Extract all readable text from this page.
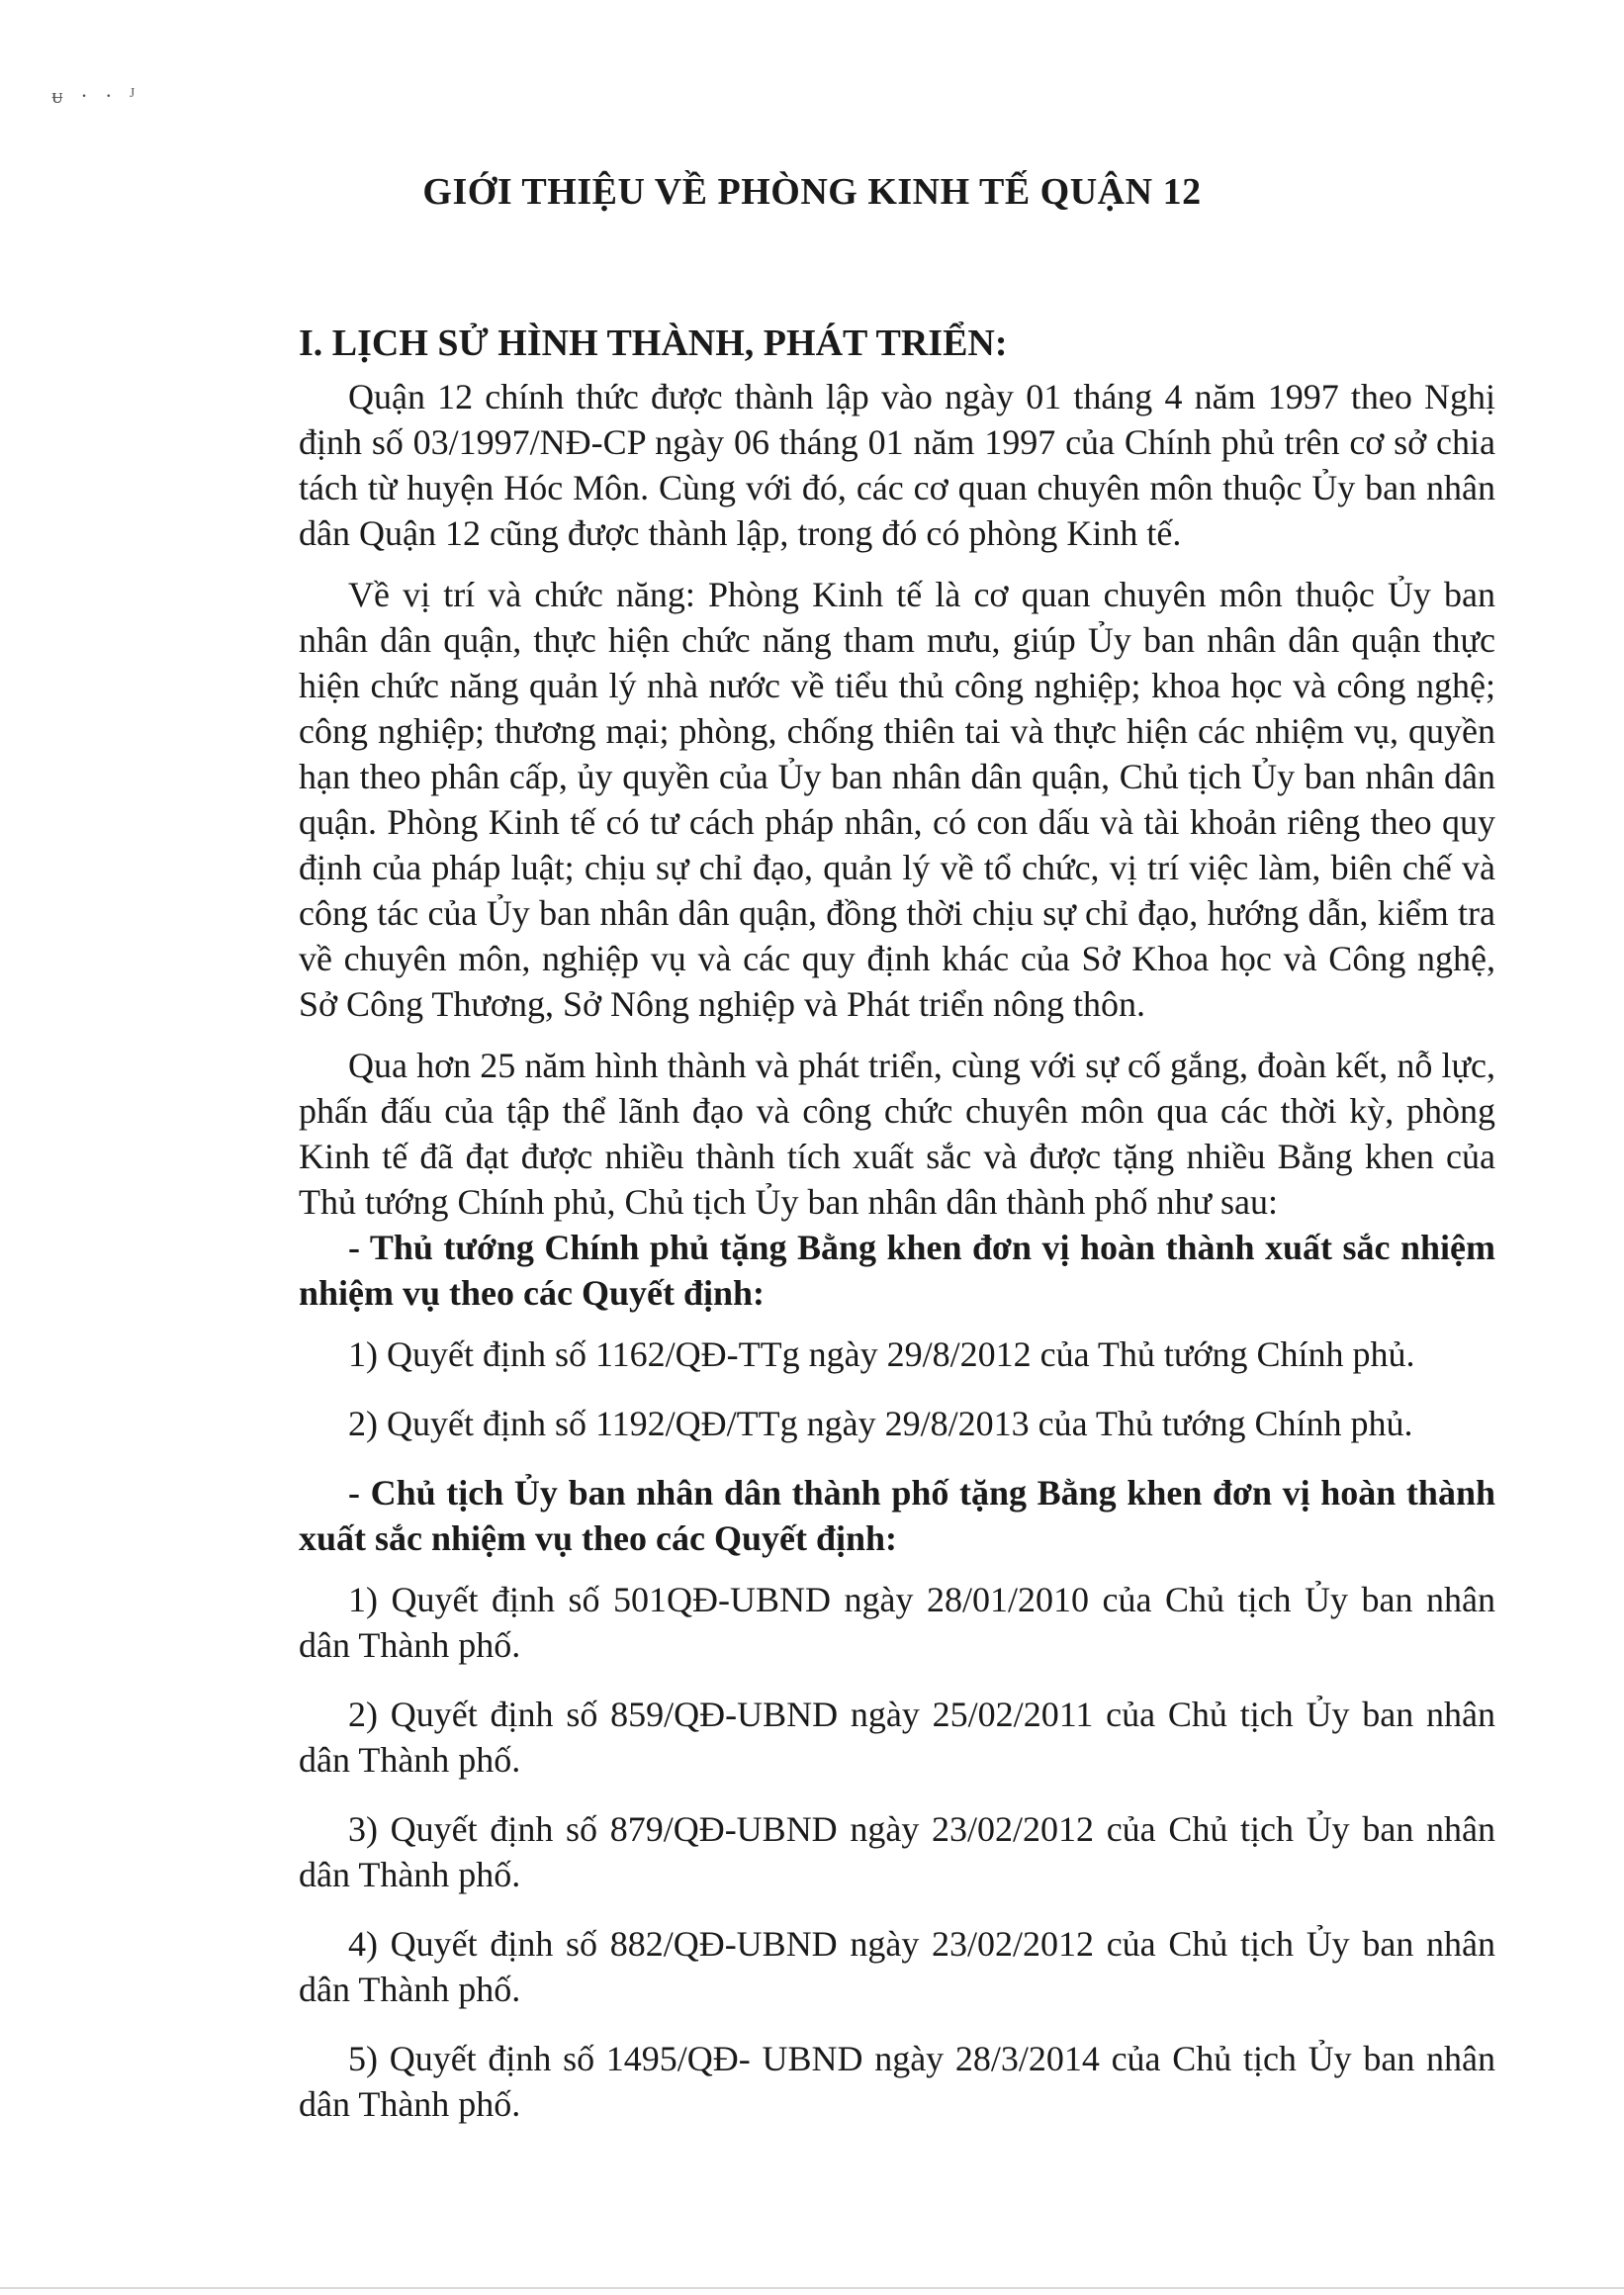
ᵾ · · ᴶ
GIỚI THIỆU VỀ PHÒNG KINH TẾ QUẬN 12
I. LỊCH SỬ HÌNH THÀNH, PHÁT TRIỂN:

Quận 12 chính thức được thành lập vào ngày 01 tháng 4 năm 1997 theo Nghị định số 03/1997/NĐ-CP ngày 06 tháng 01 năm 1997 của Chính phủ trên cơ sở chia tách từ huyện Hóc Môn. Cùng với đó, các cơ quan chuyên môn thuộc Ủy ban nhân dân Quận 12 cũng được thành lập, trong đó có phòng Kinh tế.

Về vị trí và chức năng: Phòng Kinh tế là cơ quan chuyên môn thuộc Ủy ban nhân dân quận, thực hiện chức năng tham mưu, giúp Ủy ban nhân dân quận thực hiện chức năng quản lý nhà nước về tiểu thủ công nghiệp; khoa học và công nghệ; công nghiệp; thương mại; phòng, chống thiên tai và thực hiện các nhiệm vụ, quyền hạn theo phân cấp, ủy quyền của Ủy ban nhân dân quận, Chủ tịch Ủy ban nhân dân quận. Phòng Kinh tế có tư cách pháp nhân, có con dấu và tài khoản riêng theo quy định của pháp luật; chịu sự chỉ đạo, quản lý về tổ chức, vị trí việc làm, biên chế và công tác của Ủy ban nhân dân quận, đồng thời chịu sự chỉ đạo, hướng dẫn, kiểm tra về chuyên môn, nghiệp vụ và các quy định khác của Sở Khoa học và Công nghệ, Sở Công Thương, Sở Nông nghiệp và Phát triển nông thôn.

Qua hơn 25 năm hình thành và phát triển, cùng với sự cố gắng, đoàn kết, nỗ lực, phấn đấu của tập thể lãnh đạo và công chức chuyên môn qua các thời kỳ, phòng Kinh tế đã đạt được nhiều thành tích xuất sắc và được tặng nhiều Bằng khen của Thủ tướng Chính phủ, Chủ tịch Ủy ban nhân dân thành phố như sau:

- Thủ tướng Chính phủ tặng Bằng khen đơn vị hoàn thành xuất sắc nhiệm nhiệm vụ theo các Quyết định:

1) Quyết định số 1162/QĐ-TTg ngày 29/8/2012 của Thủ tướng Chính phủ.

2) Quyết định số 1192/QĐ/TTg ngày 29/8/2013 của Thủ tướng Chính phủ.

- Chủ tịch Ủy ban nhân dân thành phố tặng Bằng khen đơn vị hoàn thành xuất sắc nhiệm vụ theo các Quyết định:

1) Quyết định số 501QĐ-UBND ngày 28/01/2010 của Chủ tịch Ủy ban nhân dân Thành phố.

2) Quyết định số 859/QĐ-UBND ngày 25/02/2011 của Chủ tịch Ủy ban nhân dân Thành phố.

3) Quyết định số 879/QĐ-UBND ngày 23/02/2012 của Chủ tịch Ủy ban nhân dân Thành phố.

4) Quyết định số 882/QĐ-UBND ngày 23/02/2012 của Chủ tịch Ủy ban nhân dân Thành phố.

5) Quyết định số 1495/QĐ- UBND ngày 28/3/2014 của Chủ tịch Ủy ban nhân dân Thành phố.
